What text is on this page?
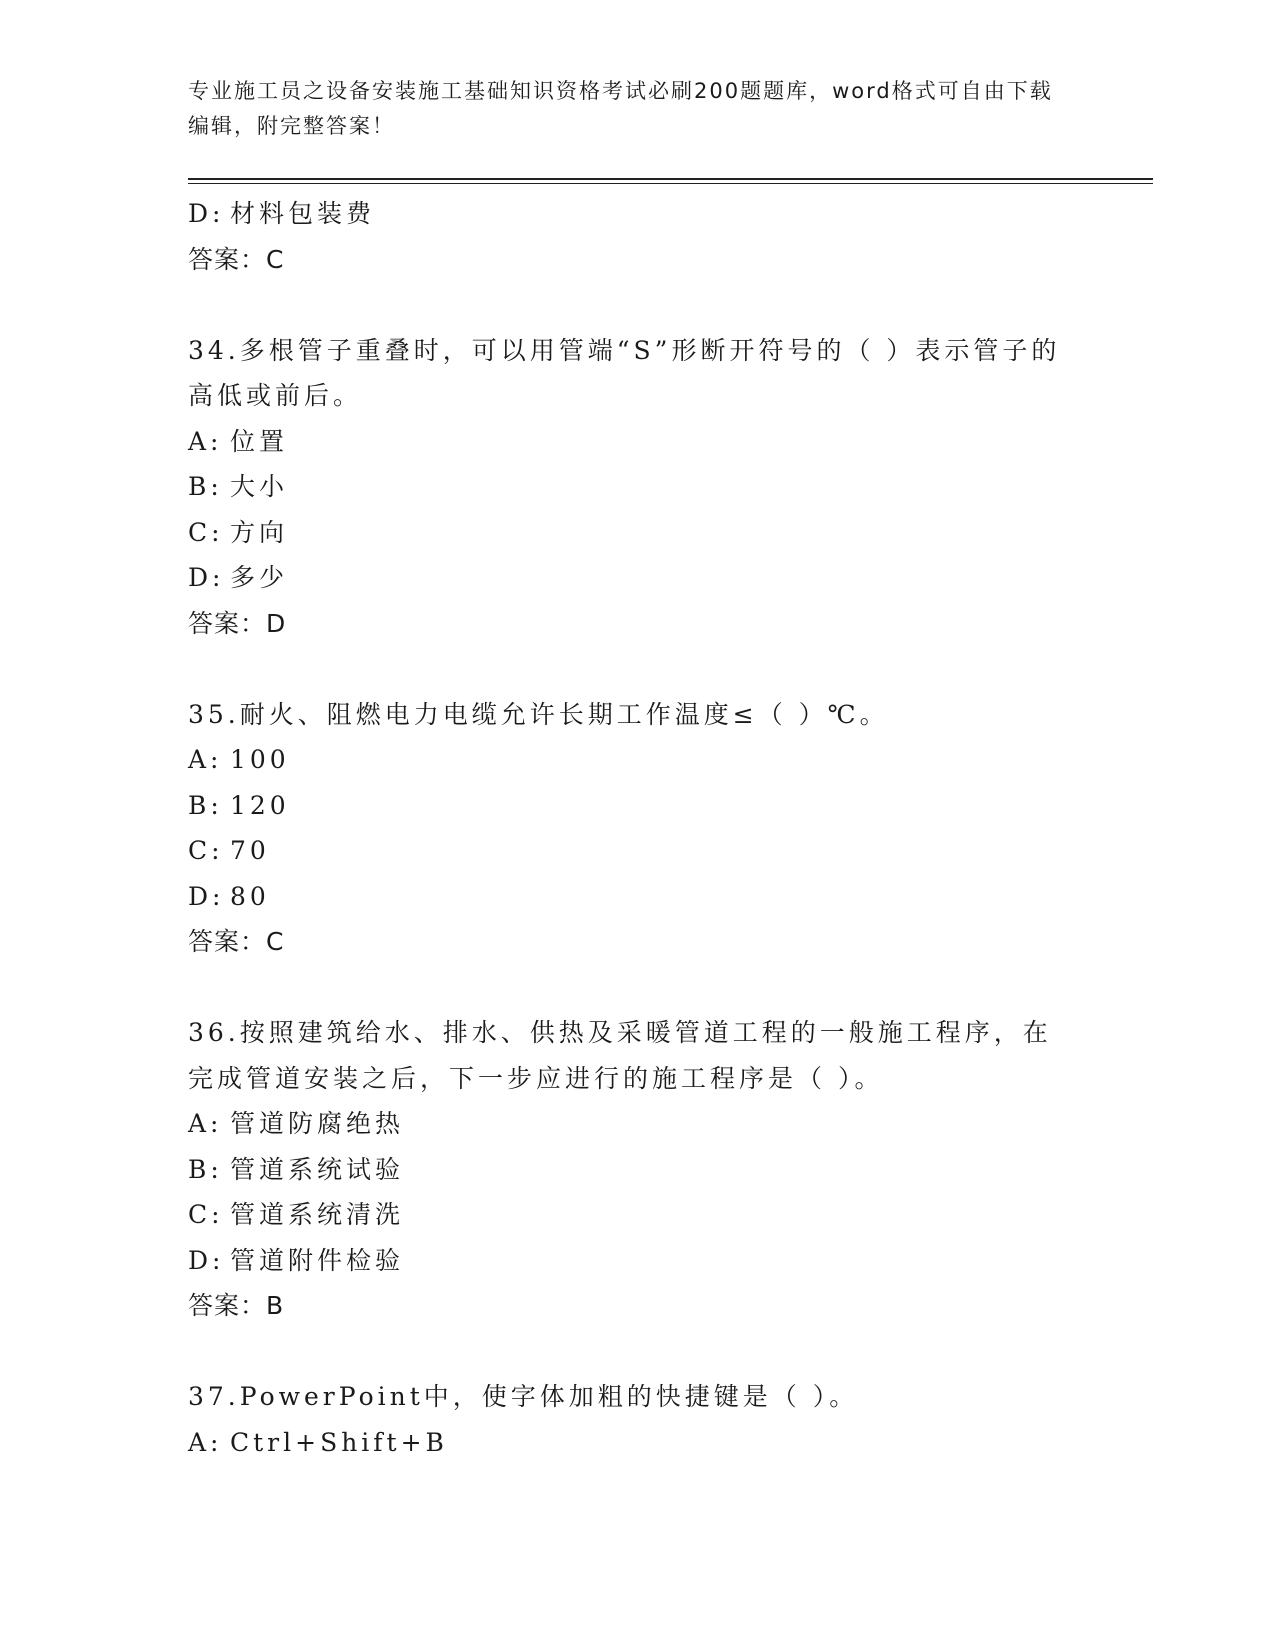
专业施工员之设备安装施工基础知识资格考试必刷200题题库，word格式可自由下载编辑，附完整答案！
D: 材料包装费
答案：C
34.多根管子重叠时，可以用管端“S”形断开符号的（ ）表示管子的高低或前后。
A: 位置
B: 大小
C: 方向
D: 多少
答案：D
35.耐火、阻燃电力电缆允许长期工作温度≤（ ）℃。
A: 100
B: 120
C: 70
D: 80
答案：C
36.按照建筑给水、排水、供热及采暖管道工程的一般施工程序，在完成管道安装之后，下一步应进行的施工程序是（ ）。
A: 管道防腐绝热
B: 管道系统试验
C: 管道系统清洗
D: 管道附件检验
答案：B
37.PowerPoint中，使字体加粗的快捷键是（ ）。
A: Ctrl+Shift+B
